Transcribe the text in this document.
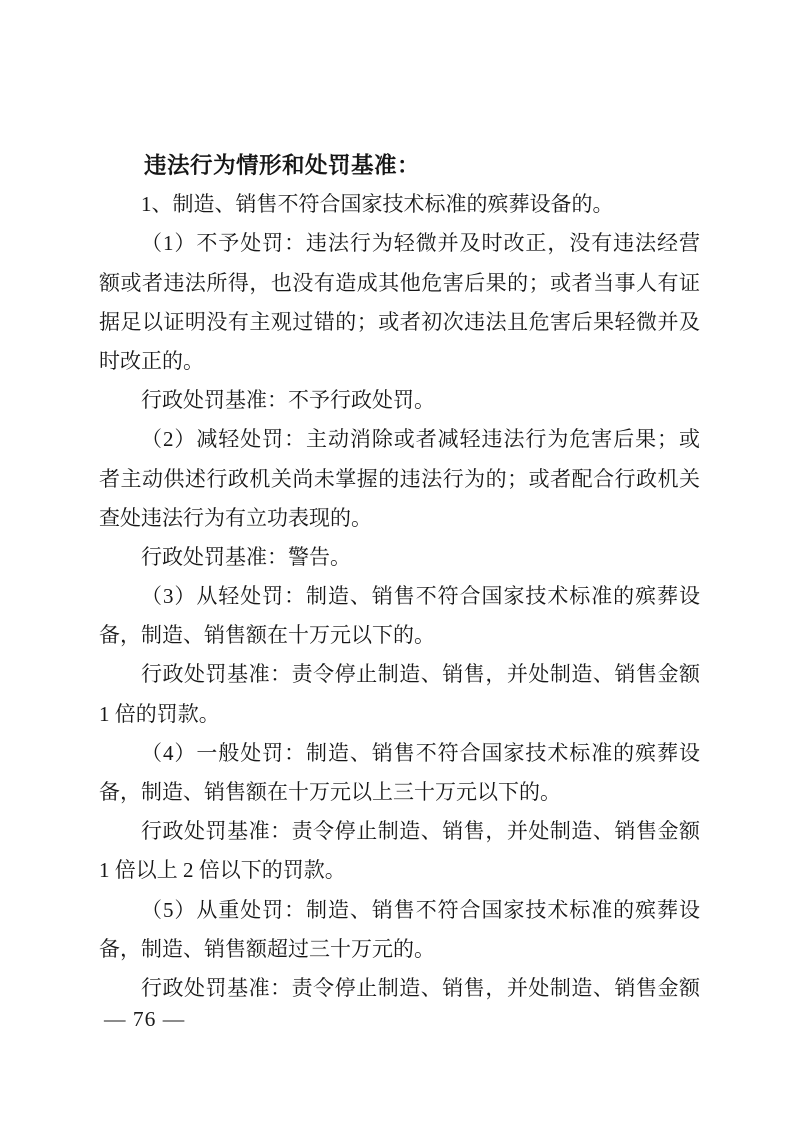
违法行为情形和处罚基准：
1、制造、销售不符合国家技术标准的殡葬设备的。
（1）不予处罚：违法行为轻微并及时改正，没有违法经营
额或者违法所得，也没有造成其他危害后果的；或者当事人有证
据足以证明没有主观过错的；或者初次违法且危害后果轻微并及
时改正的。
行政处罚基准：不予行政处罚。
（2）减轻处罚：主动消除或者减轻违法行为危害后果；或
者主动供述行政机关尚未掌握的违法行为的；或者配合行政机关
查处违法行为有立功表现的。
行政处罚基准：警告。
（3）从轻处罚：制造、销售不符合国家技术标准的殡葬设
备，制造、销售额在十万元以下的。
行政处罚基准：责令停止制造、销售，并处制造、销售金额
1 倍的罚款。
（4）一般处罚：制造、销售不符合国家技术标准的殡葬设
备，制造、销售额在十万元以上三十万元以下的。
行政处罚基准：责令停止制造、销售，并处制造、销售金额
1 倍以上 2 倍以下的罚款。
（5）从重处罚：制造、销售不符合国家技术标准的殡葬设
备，制造、销售额超过三十万元的。
行政处罚基准：责令停止制造、销售，并处制造、销售金额
— 76 —
